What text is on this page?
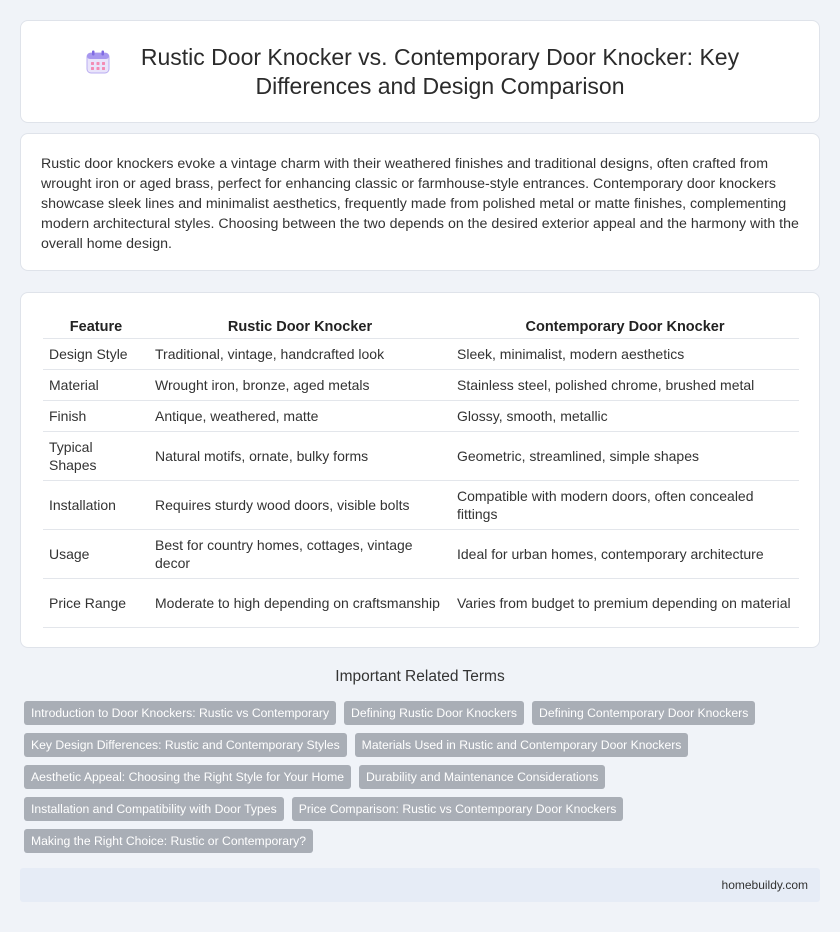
Rustic Door Knocker vs. Contemporary Door Knocker: Key Differences and Design Comparison

Rustic door knockers evoke a vintage charm with their weathered finishes and traditional designs, often crafted from wrought iron or aged brass, perfect for enhancing classic or farmhouse-style entrances. Contemporary door knockers showcase sleek lines and minimalist aesthetics, frequently made from polished metal or matte finishes, complementing modern architectural styles. Choosing between the two depends on the desired exterior appeal and the harmony with the overall home design.

Feature	Rustic Door Knocker	Contemporary Door Knocker
Design Style	Traditional, vintage, handcrafted look	Sleek, minimalist, modern aesthetics
Material	Wrought iron, bronze, aged metals	Stainless steel, polished chrome, brushed metal
Finish	Antique, weathered, matte	Glossy, smooth, metallic
Typical Shapes	Natural motifs, ornate, bulky forms	Geometric, streamlined, simple shapes
Installation	Requires sturdy wood doors, visible bolts	Compatible with modern doors, often concealed fittings
Usage	Best for country homes, cottages, vintage decor	Ideal for urban homes, contemporary architecture
Price Range	Moderate to high depending on craftsmanship	Varies from budget to premium depending on material
Important Related Terms
Introduction to Door Knockers: Rustic vs Contemporary	Defining Rustic Door Knockers	Defining Contemporary Door Knockers
Key Design Differences: Rustic and Contemporary Styles	Materials Used in Rustic and Contemporary Door Knockers
Aesthetic Appeal: Choosing the Right Style for Your Home	Durability and Maintenance Considerations
Installation and Compatibility with Door Types	Price Comparison: Rustic vs Contemporary Door Knockers
Making the Right Choice: Rustic or Contemporary?
homebuildy.com
